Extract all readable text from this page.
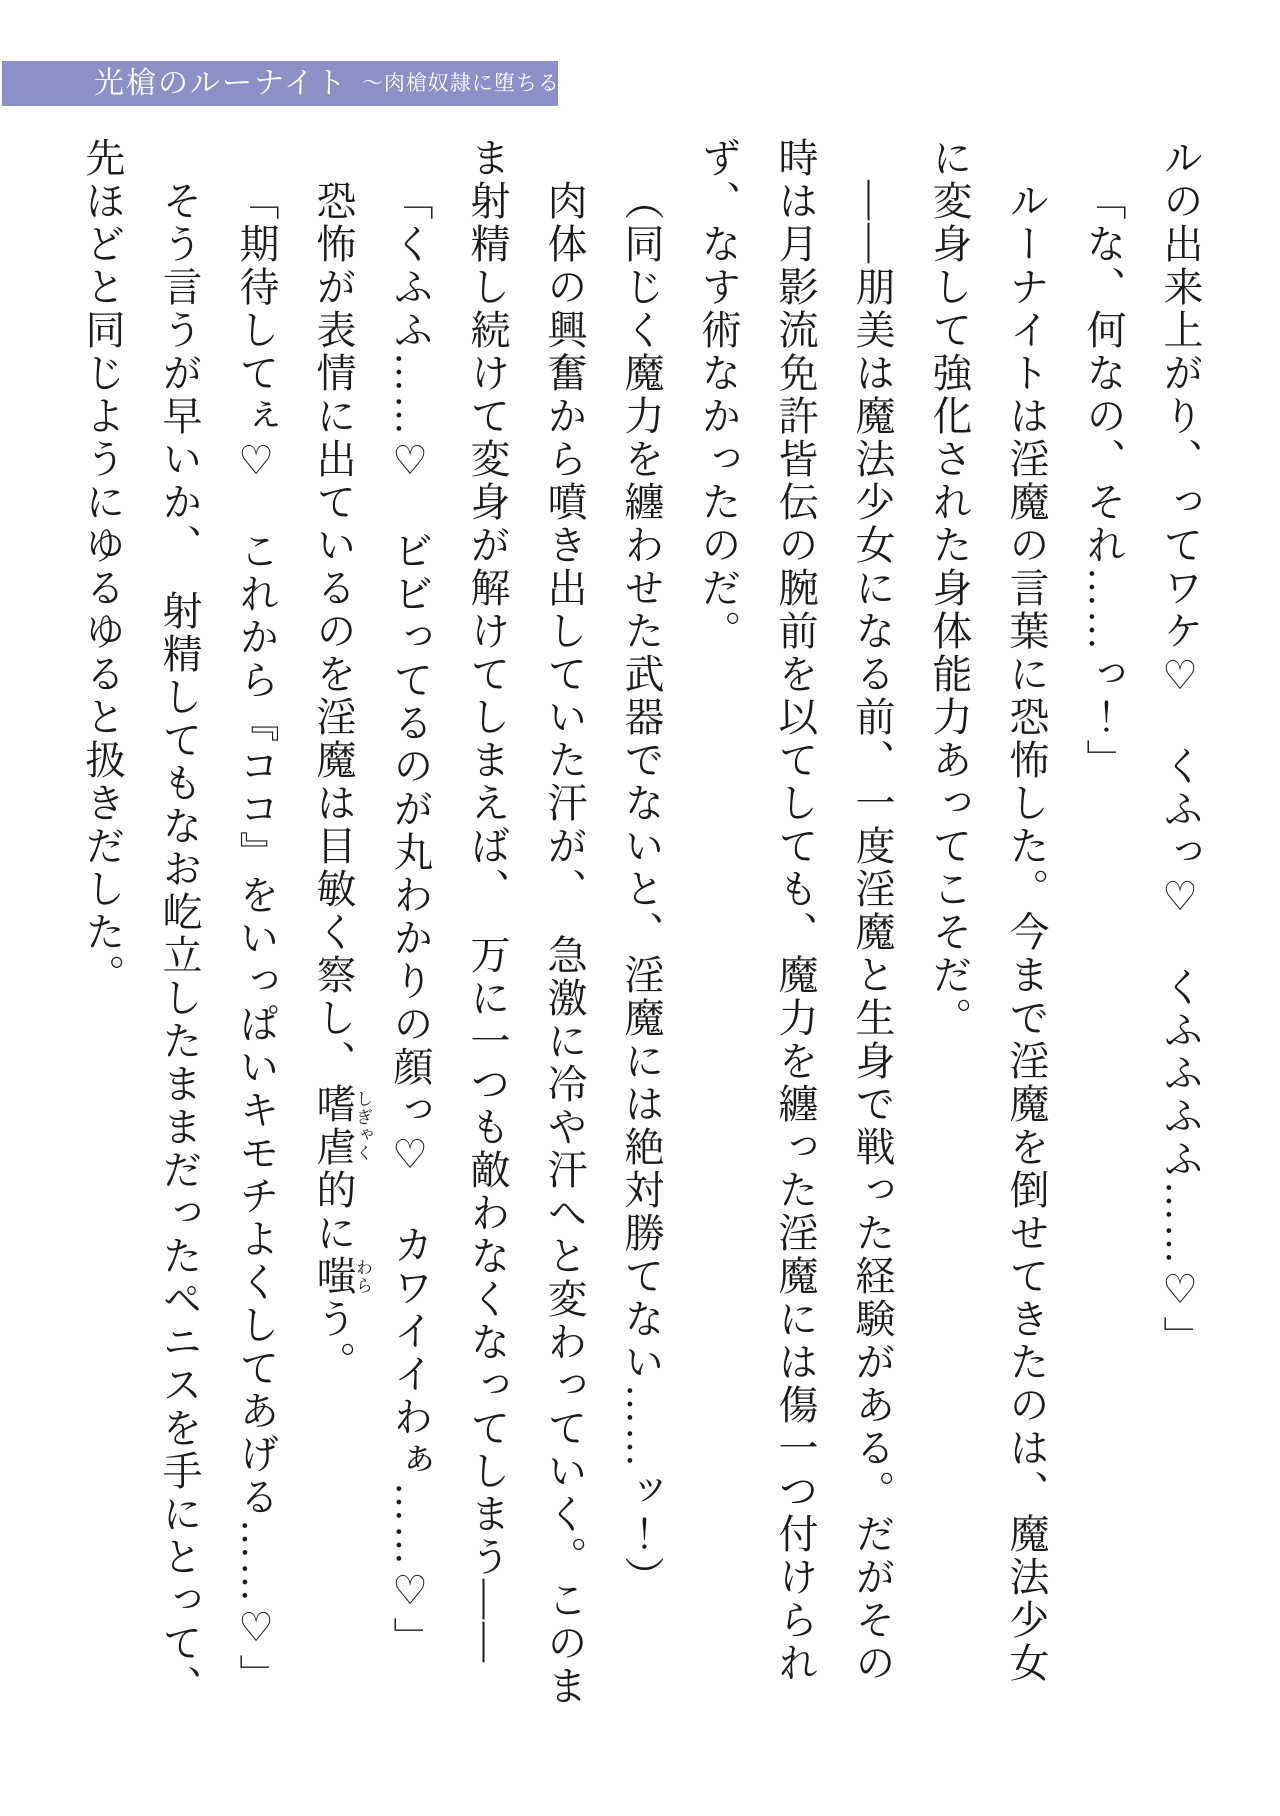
光槍のルーナイト ～肉槍奴隷に堕ちる夜～
ルの出来上がり、ってワケ♡　くふっ♡　くふふふふ……♡」
「な、何なの、それ……っ！」
ルーナイトは淫魔の言葉に恐怖した。今まで淫魔を倒せてきたのは、魔法少女
に変身して強化された身体能力あってこそだ。
――朋美は魔法少女になる前、一度淫魔と生身で戦った経験がある。だがその
時は月影流免許皆伝の腕前を以てしても、魔力を纏った淫魔には傷一つ付けられ
ず、なす術なかったのだ。
（同じく魔力を纏わせた武器でないと、淫魔には絶対勝てない……ッ！）
肉体の興奮から噴き出していた汗が、　急激に冷や汗へと変わっていく。このま
ま射精し続けて変身が解けてしまえば、　万に一つも敵わなくなってしまう――
「くふふ……♡　ビビってるのが丸わかりの顔っ♡　カワイイわぁ……♡」
恐怖が表情に出ているのを淫魔は目敏く察し、嗜虐しぎゃく的に嗤わらう。
「期待してぇ♡　これから『ココ』をいっぱいキモチよくしてあげる……♡」
そう言うが早いか、　射精してもなお屹立したままだったペニスを手にとって、
先ほどと同じようにゆるゆると扱きだした。
